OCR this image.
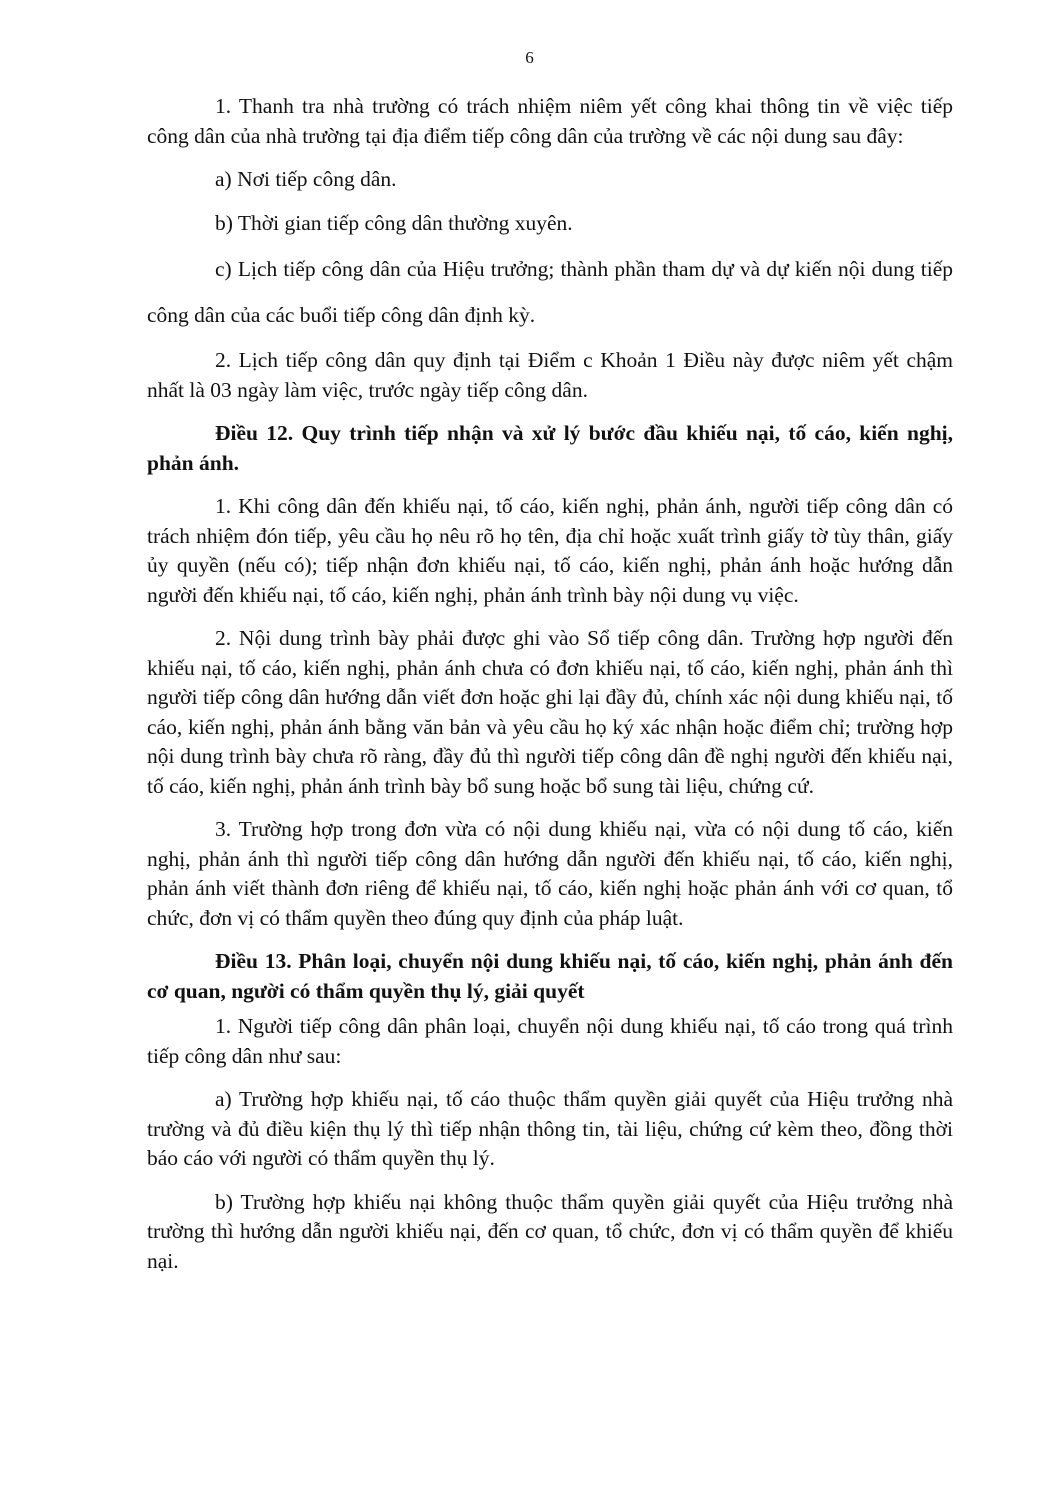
6

1. Thanh tra nhà trường có trách nhiệm niêm yết công khai thông tin về việc tiếp công dân của nhà trường tại địa điểm tiếp công dân của trường về các nội dung sau đây:

a) Nơi tiếp công dân.

b) Thời gian tiếp công dân thường xuyên.

c) Lịch tiếp công dân của Hiệu trưởng; thành phần tham dự và dự kiến nội dung tiếp công dân của các buổi tiếp công dân định kỳ.

2. Lịch tiếp công dân quy định tại Điểm c Khoản 1 Điều này được niêm yết chậm nhất là 03 ngày làm việc, trước ngày tiếp công dân.

Điều 12. Quy trình tiếp nhận và xử lý bước đầu khiếu nại, tố cáo, kiến nghị, phản ánh.

1. Khi công dân đến khiếu nại, tố cáo, kiến nghị, phản ánh, người tiếp công dân có trách nhiệm đón tiếp, yêu cầu họ nêu rõ họ tên, địa chỉ hoặc xuất trình giấy tờ tùy thân, giấy ủy quyền (nếu có); tiếp nhận đơn khiếu nại, tố cáo, kiến nghị, phản ánh hoặc hướng dẫn người đến khiếu nại, tố cáo, kiến nghị, phản ánh trình bày nội dung vụ việc.

2. Nội dung trình bày phải được ghi vào Sổ tiếp công dân. Trường hợp người đến khiếu nại, tố cáo, kiến nghị, phản ánh chưa có đơn khiếu nại, tố cáo, kiến nghị, phản ánh thì người tiếp công dân hướng dẫn viết đơn hoặc ghi lại đầy đủ, chính xác nội dung khiếu nại, tố cáo, kiến nghị, phản ánh bằng văn bản và yêu cầu họ ký xác nhận hoặc điểm chỉ; trường hợp nội dung trình bày chưa rõ ràng, đầy đủ thì người tiếp công dân đề nghị người đến khiếu nại, tố cáo, kiến nghị, phản ánh trình bày bổ sung hoặc bổ sung tài liệu, chứng cứ.

3. Trường hợp trong đơn vừa có nội dung khiếu nại, vừa có nội dung tố cáo, kiến nghị, phản ánh thì người tiếp công dân hướng dẫn người đến khiếu nại, tố cáo, kiến nghị, phản ánh viết thành đơn riêng để khiếu nại, tố cáo, kiến nghị hoặc phản ánh với cơ quan, tổ chức, đơn vị có thẩm quyền theo đúng quy định của pháp luật.

Điều 13. Phân loại, chuyển nội dung khiếu nại, tố cáo, kiến nghị, phản ánh đến cơ quan, người có thẩm quyền thụ lý, giải quyết

1. Người tiếp công dân phân loại, chuyển nội dung khiếu nại, tố cáo trong quá trình tiếp công dân như sau:

a) Trường hợp khiếu nại, tố cáo thuộc thẩm quyền giải quyết của Hiệu trưởng nhà trường và đủ điều kiện thụ lý thì tiếp nhận thông tin, tài liệu, chứng cứ kèm theo, đồng thời báo cáo với người có thẩm quyền thụ lý.

b) Trường hợp khiếu nại không thuộc thẩm quyền giải quyết của Hiệu trưởng nhà trường thì hướng dẫn người khiếu nại, đến cơ quan, tổ chức, đơn vị có thẩm quyền để khiếu nại.
